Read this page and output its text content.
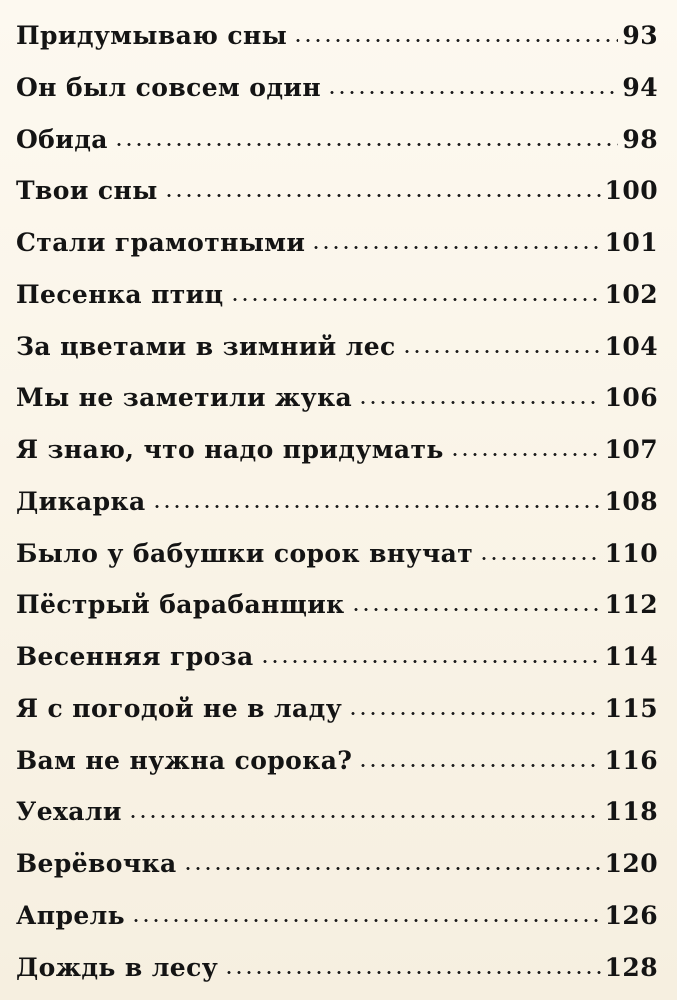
Придумываю сны	93
Он был совсем один	94
Обида	98
Твои сны	100
Стали грамотными	101
Песенка птиц	102
За цветами в зимний лес	104
Мы не заметили жука	106
Я знаю, что надо придумать	107
Дикарка	108
Было у бабушки сорок внучат	110
Пёстрый барабанщик	112
Весенняя гроза	114
Я с погодой не в ладу	115
Вам не нужна сорока?	116
Уехали	118
Верёвочка	120
Апрель	126
Дождь в лесу	128
